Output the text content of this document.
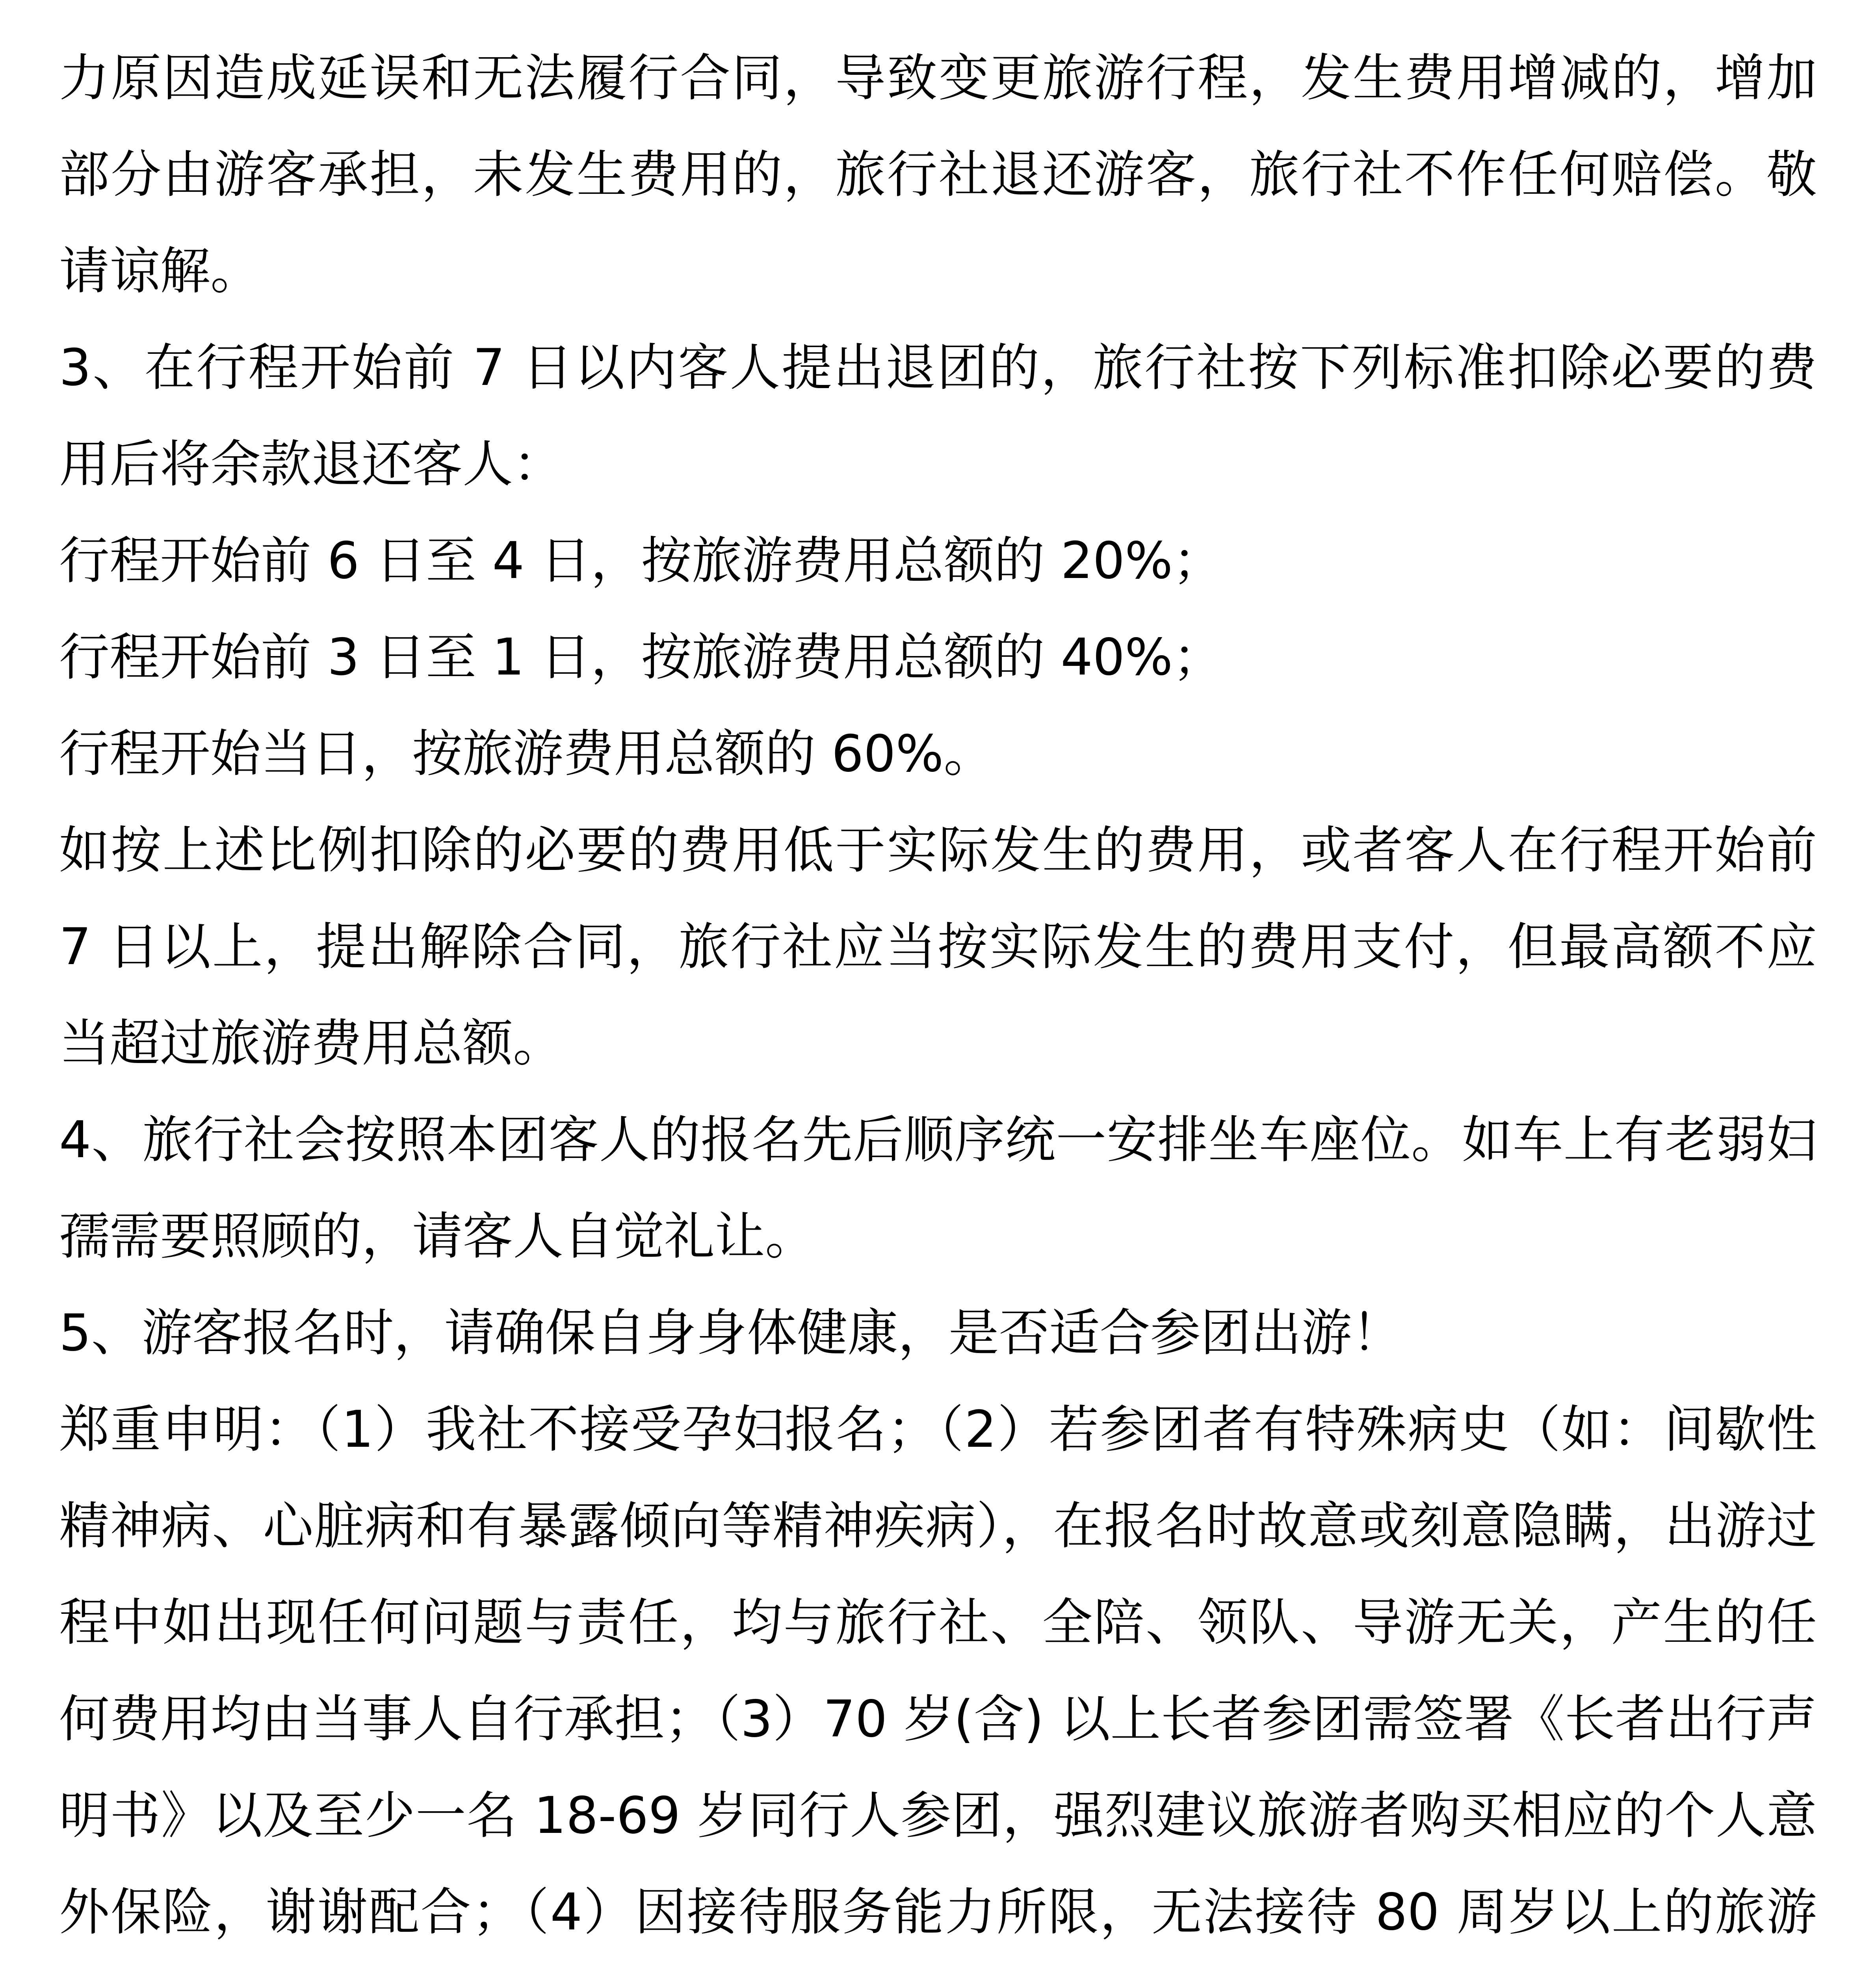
力原因造成延误和无法履行合同，导致变更旅游行程，发生费用增减的，增加部分由游客承担，未发生费用的，旅行社退还游客，旅行社不作任何赔偿。敬请谅解。

3、在行程开始前 7 日以内客人提出退团的，旅行社按下列标准扣除必要的费用后将余款退还客人：

行程开始前 6 日至 4 日，按旅游费用总额的 20%；

行程开始前 3 日至 1 日，按旅游费用总额的 40%；

行程开始当日，按旅游费用总额的 60%。

如按上述比例扣除的必要的费用低于实际发生的费用，或者客人在行程开始前 7 日以上，提出解除合同，旅行社应当按实际发生的费用支付，但最高额不应当超过旅游费用总额。

4、旅行社会按照本团客人的报名先后顺序统一安排坐车座位。如车上有老弱妇孺需要照顾的，请客人自觉礼让。

5、游客报名时，请确保自身身体健康，是否适合参团出游！

郑重申明：（1）我社不接受孕妇报名；（2）若参团者有特殊病史（如：间歇性精神病、心脏病和有暴露倾向等精神疾病），在报名时故意或刻意隐瞒，出游过程中如出现任何问题与责任，均与旅行社、全陪、领队、导游无关，产生的任何费用均由当事人自行承担；（3）70 岁(含) 以上长者参团需签署《长者出行声明书》以及至少一名 18-69 岁同行人参团，强烈建议旅游者购买相应的个人意外保险，谢谢配合；（4）因接待服务能力所限，无法接待 80 周岁以上的旅游
